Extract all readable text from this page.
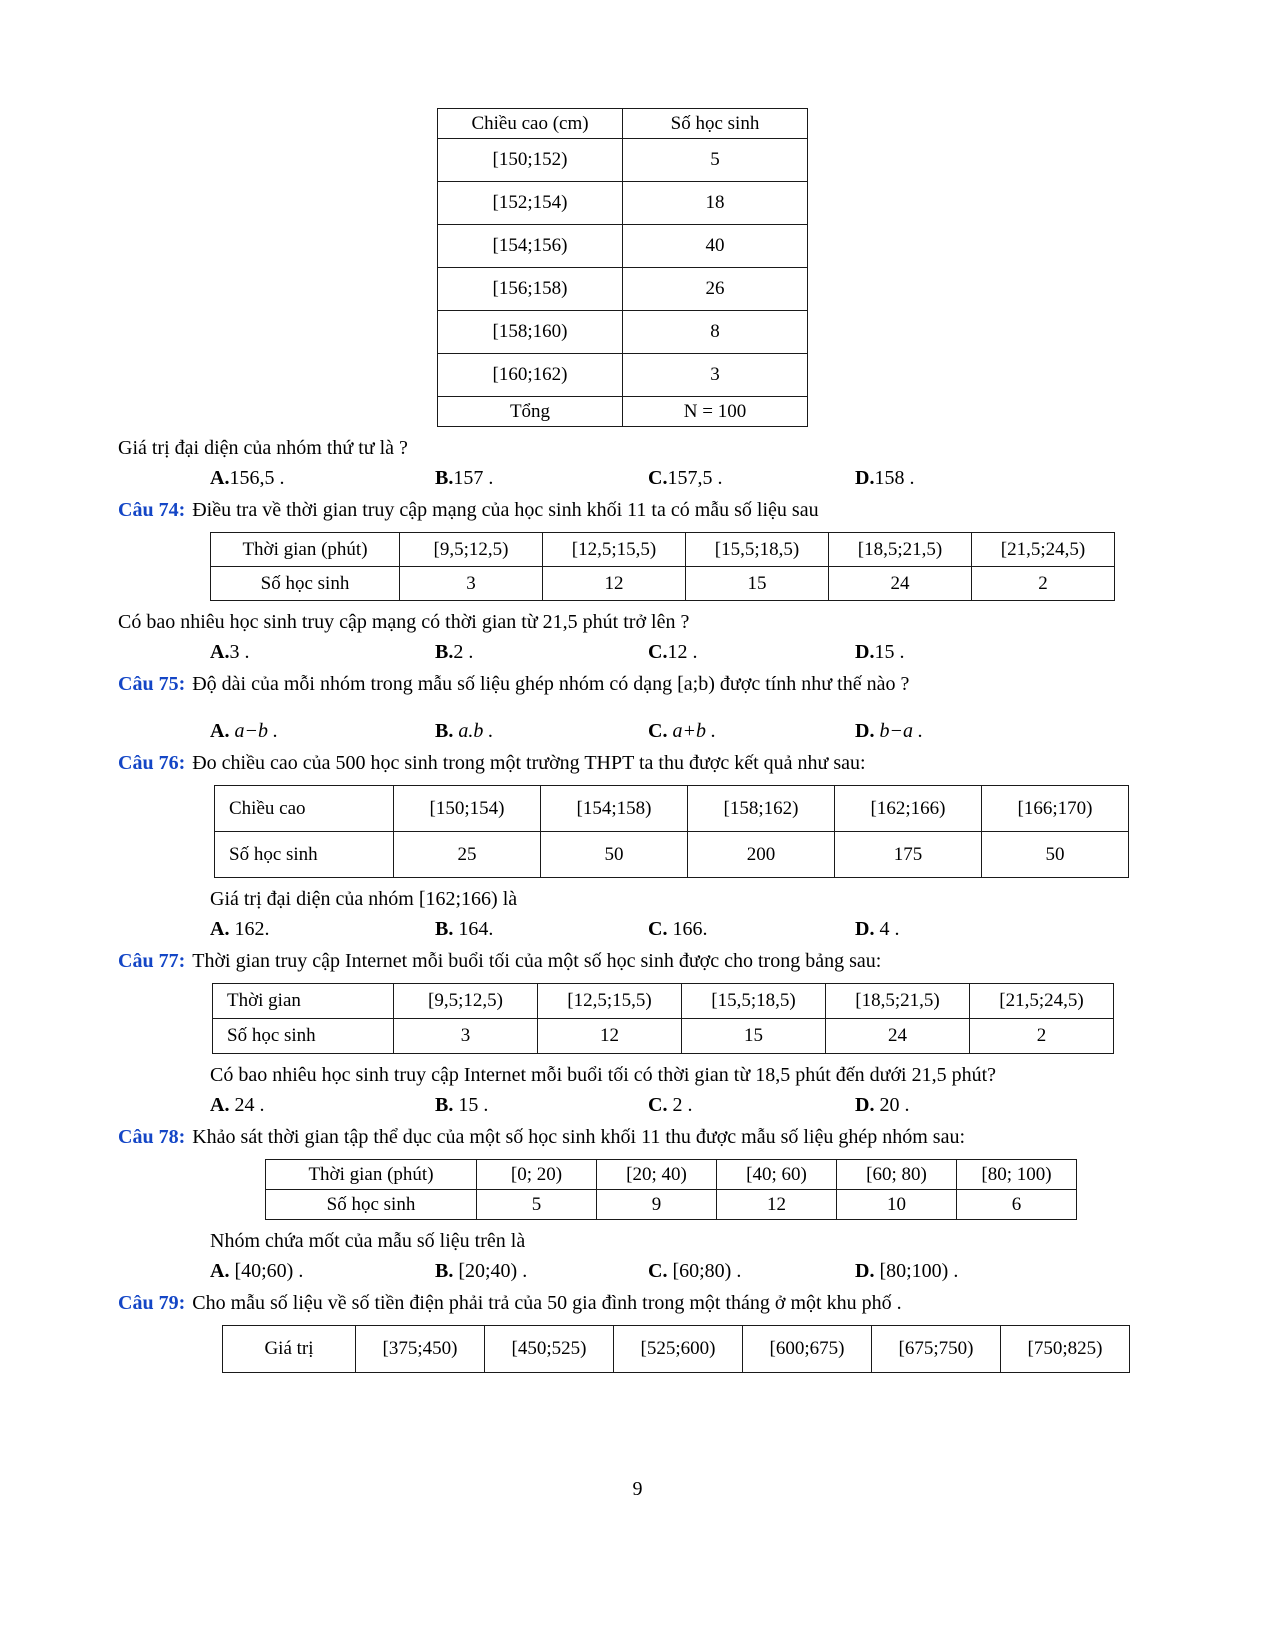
Chiều cao (cm)	Số học sinh
[150;152)	5
[152;154)	18
[154;156)	40
[156;158)	26
[158;160)	8
[160;162)	3
Tổng	N = 100

Giá trị đại diện của nhóm thứ tư là ?

A.156,5 .	B.157 .	C.157,5 .	D.158 .

Câu 74: Điều tra về thời gian truy cập mạng của học sinh khối 11 ta có mẫu số liệu sau

Thời gian (phút)	[9,5;12,5)	[12,5;15,5)	[15,5;18,5)	[18,5;21,5)	[21,5;24,5)
Số học sinh	3	12	15	24	2

Có bao nhiêu học sinh truy cập mạng có thời gian từ 21,5 phút trở lên ?

A.3 .	B.2 .	C.12 .	D.15 .

Câu 75: Độ dài của mỗi nhóm trong mẫu số liệu ghép nhóm có dạng [a;b) được tính như thế nào ?

A. a−b .	B. a.b .	C. a+b .	D. b−a .

Câu 76: Đo chiều cao của 500 học sinh trong một trường THPT ta thu được kết quả như sau:

Chiều cao	[150;154)	[154;158)	[158;162)	[162;166)	[166;170)
Số học sinh	25	50	200	175	50

Giá trị đại diện của nhóm [162;166) là

A. 162.	B. 164.	C. 166.	D. 4 .

Câu 77: Thời gian truy cập Internet mỗi buổi tối của một số học sinh được cho trong bảng sau:

Thời gian	[9,5;12,5)	[12,5;15,5)	[15,5;18,5)	[18,5;21,5)	[21,5;24,5)
Số học sinh	3	12	15	24	2

Có bao nhiêu học sinh truy cập Internet mỗi buổi tối có thời gian từ 18,5 phút đến dưới 21,5 phút?

A. 24 .	B. 15 .	C. 2 .	D. 20 .

Câu 78: Khảo sát thời gian tập thể dục của một số học sinh khối 11 thu được mẫu số liệu ghép nhóm sau:

Thời gian (phút)	[0; 20)	[20; 40)	[40; 60)	[60; 80)	[80; 100)
Số học sinh	5	9	12	10	6

Nhóm chứa mốt của mẫu số liệu trên là

A. [40;60) .	B. [20;40) .	C. [60;80) .	D. [80;100) .

Câu 79: Cho mẫu số liệu về số tiền điện phải trả của 50 gia đình trong một tháng ở một khu phố .

Giá trị	[375;450)	[450;525)	[525;600)	[600;675)	[675;750)	[750;825)
9
